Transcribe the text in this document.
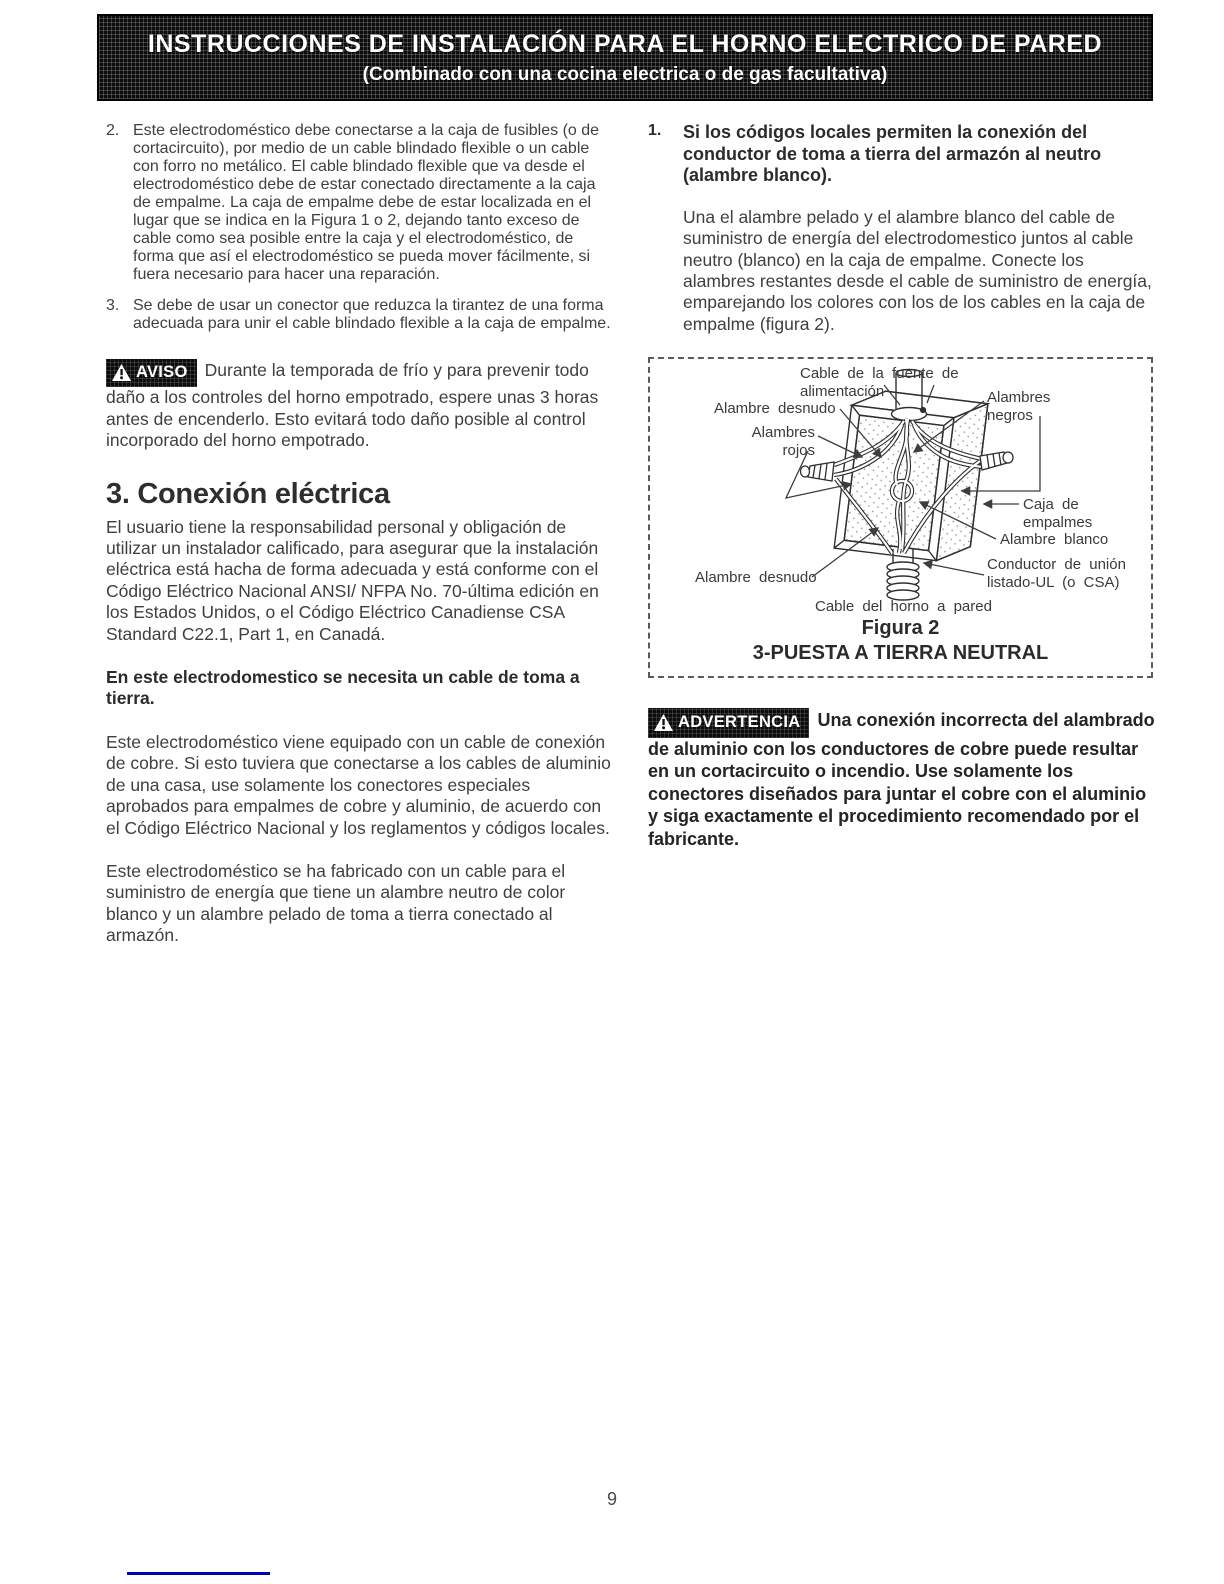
INSTRUCCIONES DE INSTALACIÓN PARA EL HORNO ELECTRICO DE PARED
(Combinado con una cocina electrica o de gas facultativa)
2. Este electrodoméstico debe conectarse a la caja de fusibles (o de cortacircuito), por medio de un cable blindado flexible o un cable con forro no metálico. El cable blindado flexible que va desde el electrodoméstico debe de estar conectado directamente a la caja de empalme. La caja de empalme debe de estar localizada en el lugar que se indica en la Figura 1 o 2, dejando tanto exceso de cable como sea posible entre la caja y el electrodoméstico, de forma que así el electrodoméstico se pueda mover fácilmente, si fuera necesario para hacer una reparación.
3. Se debe de usar un conector que reduzca la tirantez de una forma adecuada para unir el cable blindado flexible a la caja de empalme.

AVISO Durante la temporada de frío y para prevenir todo daño a los controles del horno empotrado, espere unas 3 horas antes de encenderlo. Esto evitará todo daño posible al control incorporado del horno empotrado.

3. Conexión eléctrica

El usuario tiene la responsabilidad personal y obligación de utilizar un instalador calificado, para asegurar que la instalación eléctrica está hacha de forma adecuada y está conforme con el Código Eléctrico Nacional ANSI/ NFPA No. 70-última edición en los Estados Unidos, o el Código Eléctrico Canadiense CSA Standard C22.1, Part 1, en Canadá.

En este electrodomestico se necesita un cable de toma a tierra.

Este electrodoméstico viene equipado con un cable de conexión de cobre. Si esto tuviera que conectarse a los cables de aluminio de una casa, use solamente los conectores especiales aprobados para empalmes de cobre y aluminio, de acuerdo con el Código Eléctrico Nacional y los reglamentos y códigos locales.

Este electrodoméstico se ha fabricado con un cable para el suministro de energía que tiene un alambre neutro de color blanco y un alambre pelado de toma a tierra conectado al armazón.

1.	Si los códigos locales permiten la conexión del conductor de toma a tierra del armazón al neutro (alambre blanco).

Una el alambre pelado y el alambre blanco del cable de suministro de energía del electrodomestico juntos al cable neutro (blanco) en la caja de empalme. Conecte los alambres restantes desde el cable de suministro de energía, emparejando los colores con los de los cables en la caja de empalme (figura 2).

Cable de la fuente de alimentación
Alambre desnudo
Alambres negros
Alambres rojos
Caja de empalmes
Alambre blanco
Conductor de unión listado-UL (o CSA)
Alambre desnudo
Cable del horno a pared
Figura 2
3-PUESTA A TIERRA NEUTRAL

ADVERTENCIA Una conexión incorrecta del alambrado de aluminio con los conductores de cobre puede resultar en un cortacircuito o incendio. Use solamente los conectores diseñados para juntar el cobre con el aluminio y siga exactamente el procedimiento recomendado por el fabricante.

9
